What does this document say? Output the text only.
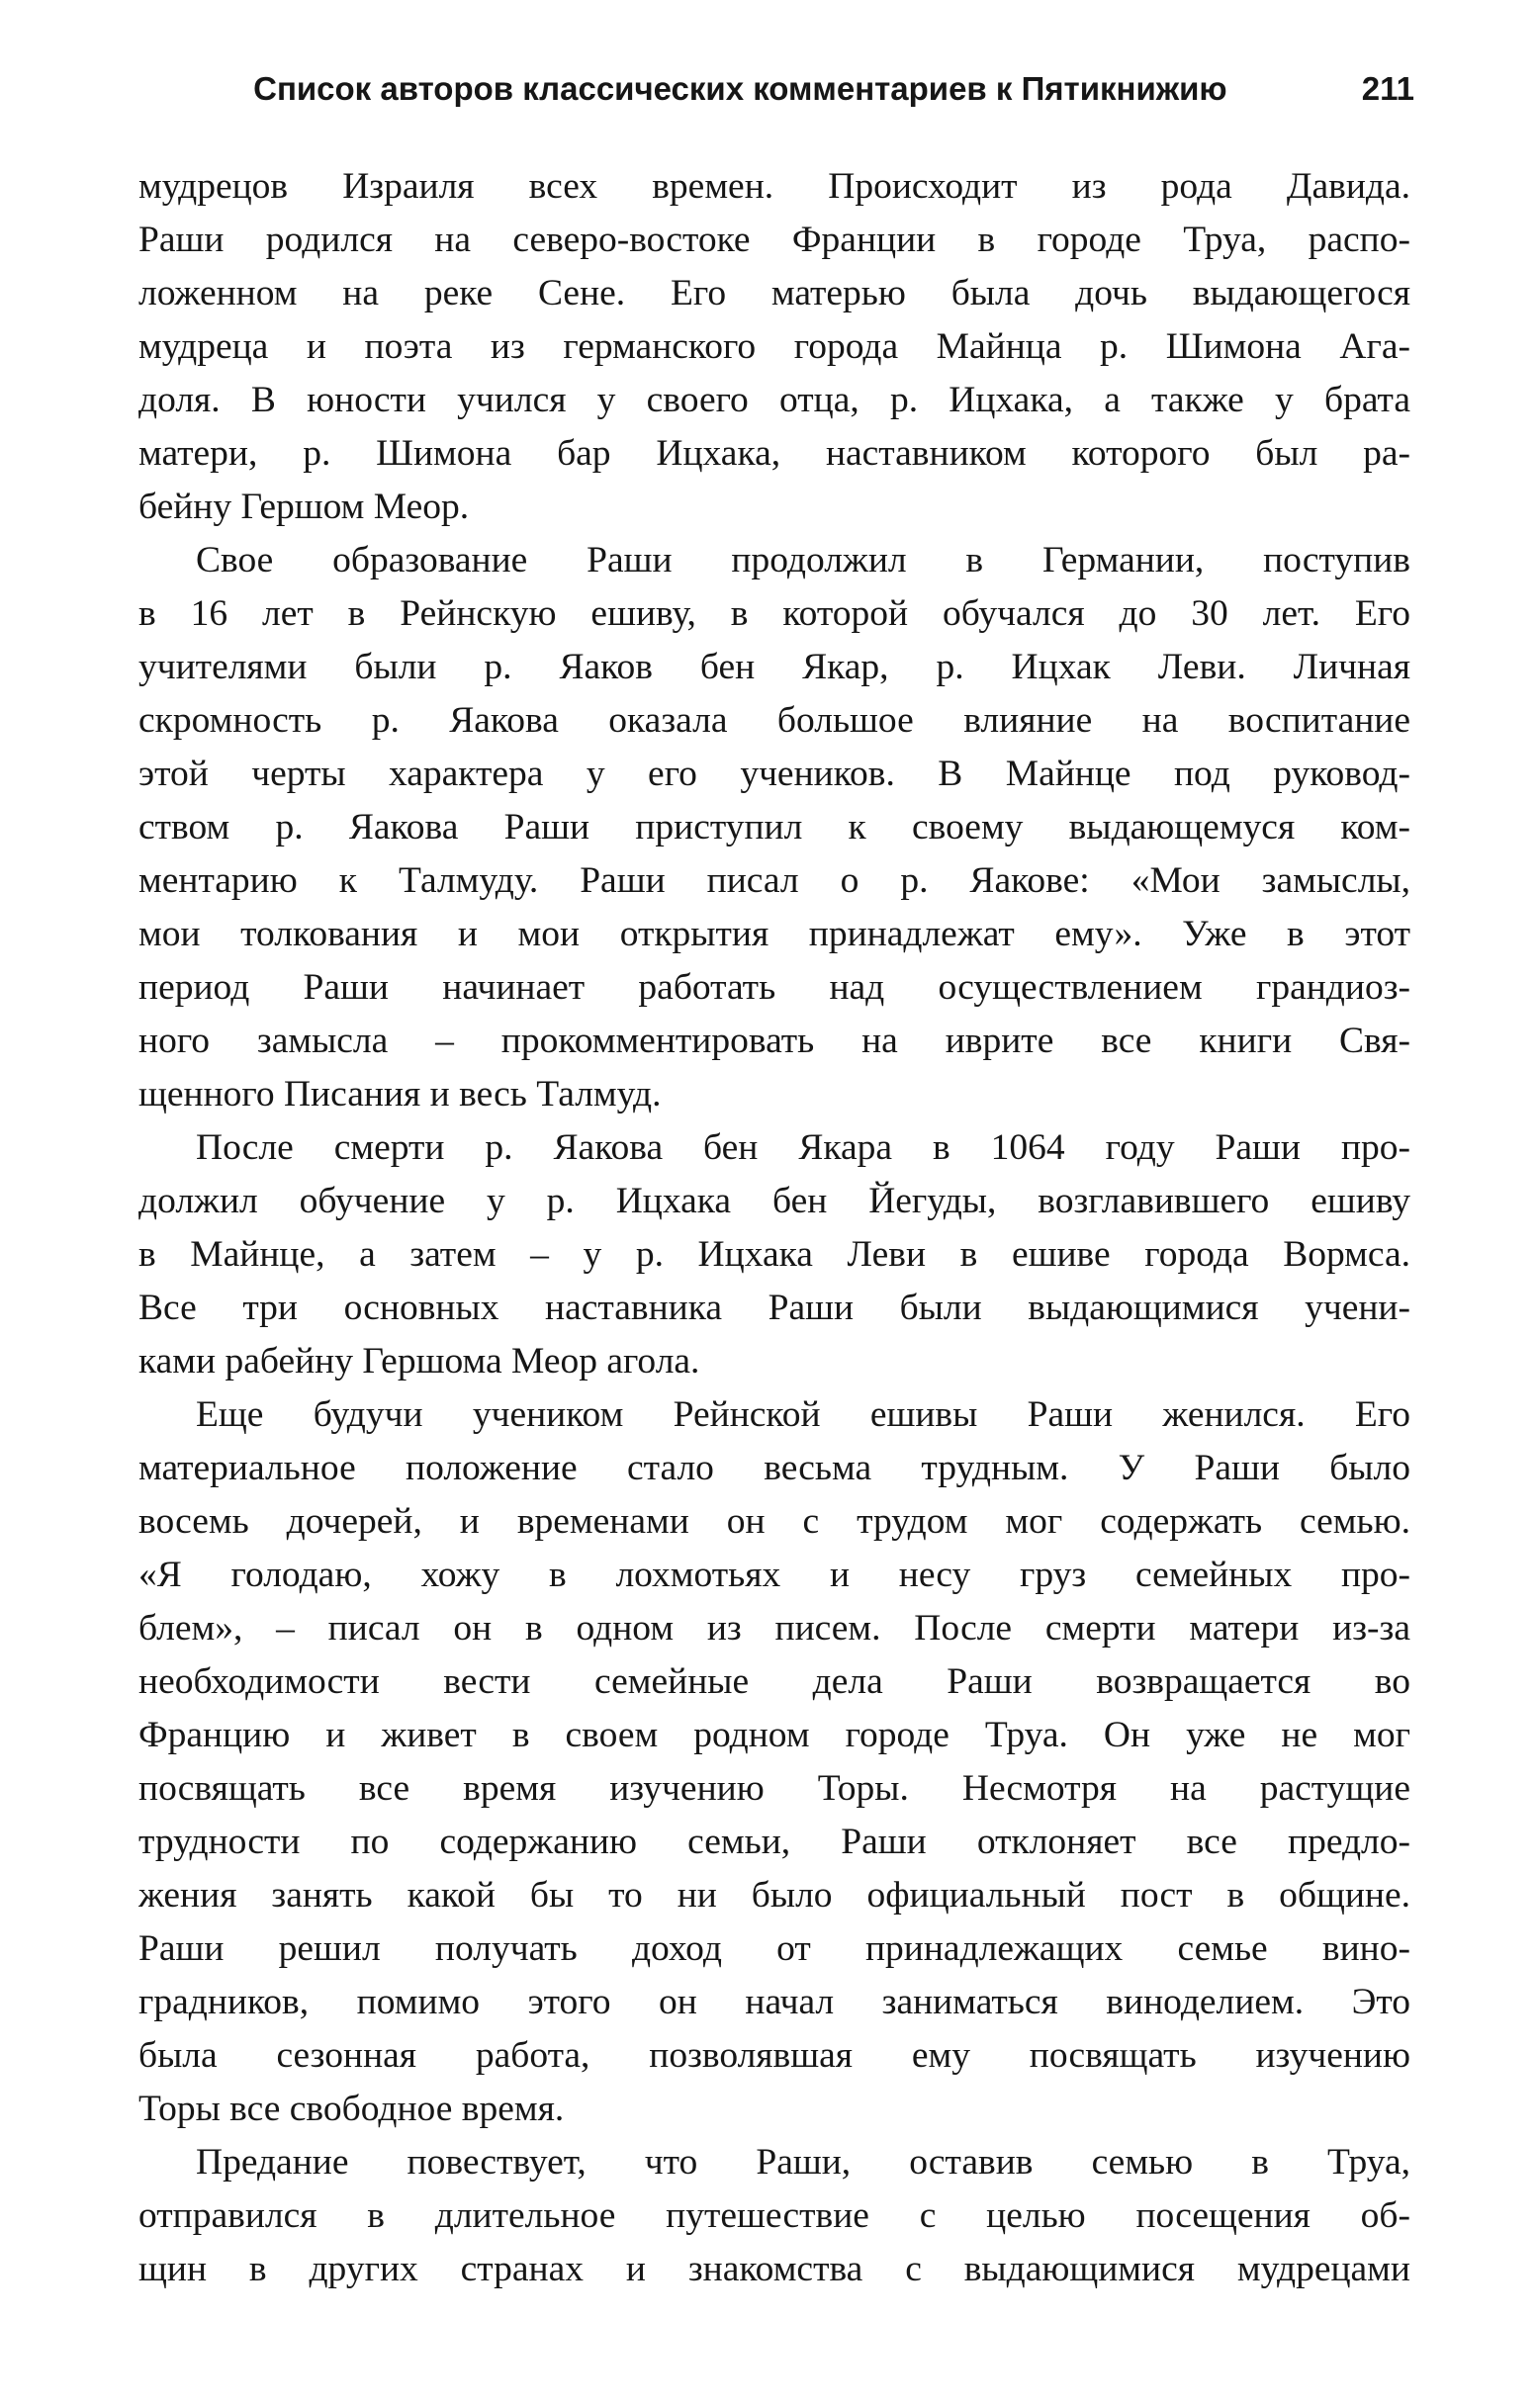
Список авторов классических комментариев к Пятикнижию	211
мудрецов Израиля всех времен. Происходит из рода Давида.
Раши родился на северо-востоке Франции в городе Труа, распо-
ложенном на реке Сене. Его матерью была дочь выдающегося
мудреца и поэта из германского города Майнца р. Шимона Ага-
доля. В юности учился у своего отца, р. Ицхака, а также у брата
матери, р. Шимона бар Ицхака, наставником которого был ра-
бейну Гершом Меор.
Свое образование Раши продолжил в Германии, поступив
в 16 лет в Рейнскую ешиву, в которой обучался до 30 лет. Его
учителями были р. Яаков бен Якар, р. Ицхак Леви. Личная
скромность р. Яакова оказала большое влияние на воспитание
этой черты характера у его учеников. В Майнце под руковод-
ством р. Яакова Раши приступил к своему выдающемуся ком-
ментарию к Талмуду. Раши писал о р. Яакове: «Мои замыслы,
мои толкования и мои открытия принадлежат ему». Уже в этот
период Раши начинает работать над осуществлением грандиоз-
ного замысла – прокомментировать на иврите все книги Свя-
щенного Писания и весь Талмуд.
После смерти р. Яакова бен Якара в 1064 году Раши про-
должил обучение у р. Ицхака бен Йегуды, возглавившего ешиву
в Майнце, а затем – у р. Ицхака Леви в ешиве города Вормса.
Все три основных наставника Раши были выдающимися учени-
ками рабейну Гершома Меор агола.
Еще будучи учеником Рейнской ешивы Раши женился. Его
материальное положение стало весьма трудным. У Раши было
восемь дочерей, и временами он с трудом мог содержать семью.
«Я голодаю, хожу в лохмотьях и несу груз семейных про-
блем», – писал он в одном из писем. После смерти матери из-за
необходимости вести семейные дела Раши возвращается во
Францию и живет в своем родном городе Труа. Он уже не мог
посвящать все время изучению Торы. Несмотря на растущие
трудности по содержанию семьи, Раши отклоняет все предло-
жения занять какой бы то ни было официальный пост в общине.
Раши решил получать доход от принадлежащих семье вино-
градников, помимо этого он начал заниматься виноделием. Это
была сезонная работа, позволявшая ему посвящать изучению
Торы все свободное время.
Предание повествует, что Раши, оставив семью в Труа,
отправился в длительное путешествие с целью посещения об-
щин в других странах и знакомства с выдающимися мудрецами
